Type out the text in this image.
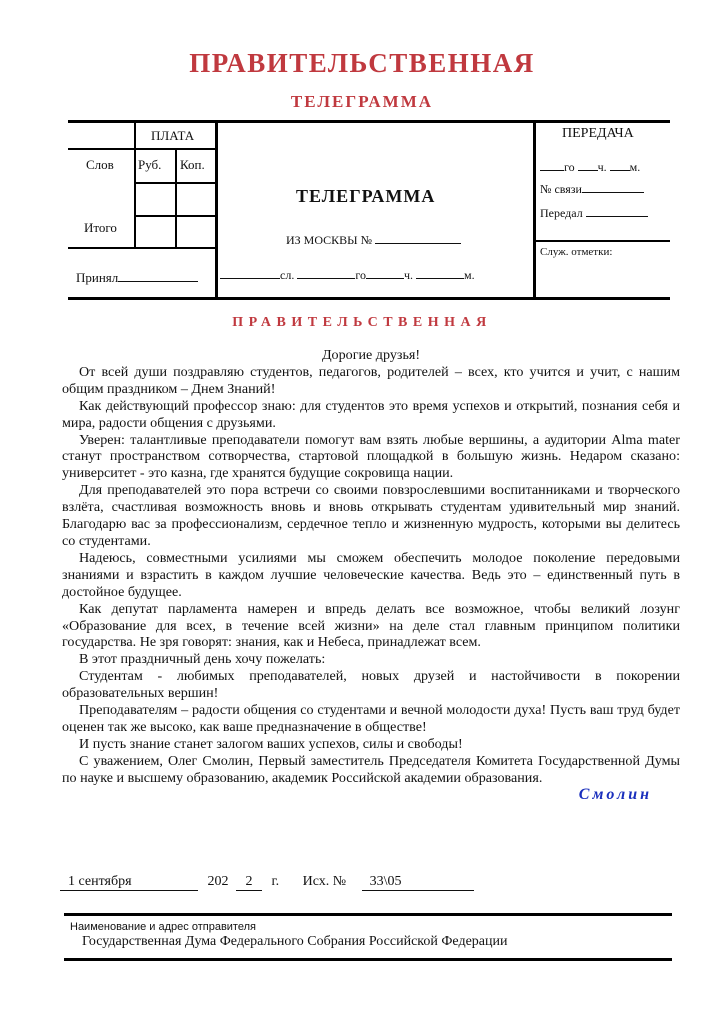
ПРАВИТЕЛЬСТВЕННАЯ
ТЕЛЕГРАММА
ПЛАТА
Слов Руб. Коп.
Итого
Принял
ТЕЛЕГРАММА
ИЗ МОСКВЫ №
сл.	го	ч.	м.
ПЕРЕДАЧА
го ч. м.
№ связи
Передал
Служ. отметки:
ПРАВИТЕЛЬСТВЕННАЯ

Дорогие друзья!

От всей души поздравляю студентов, педагогов, родителей – всех, кто учится и учит, с нашим общим праздником – Днем Знаний!

Как действующий профессор знаю: для студентов это время успехов и открытий, познания себя и мира, радости общения с друзьями.

Уверен: талантливые преподаватели помогут вам взять любые вершины, а аудитории Alma mater станут пространством сотворчества, стартовой площадкой в большую жизнь. Недаром сказано: университет - это казна, где хранятся будущие сокровища нации.

Для преподавателей это пора встречи со своими повзрослевшими воспитанниками и творческого взлёта, счастливая возможность вновь и вновь открывать студентам удивительный мир знаний. Благодарю вас за профессионализм, сердечное тепло и жизненную мудрость, которыми вы делитесь со студентами.

Надеюсь, совместными усилиями мы сможем обеспечить молодое поколение передовыми знаниями и взрастить в каждом лучшие человеческие качества. Ведь это – единственный путь в достойное будущее.

Как депутат парламента намерен и впредь делать все возможное, чтобы великий лозунг «Образование для всех, в течение всей жизни» на деле стал главным принципом политики государства. Не зря говорят: знания, как и Небеса, принадлежат всем.

В этот праздничный день хочу пожелать:

Студентам - любимых преподавателей, новых друзей и настойчивости в покорении образовательных вершин!

Преподавателям – радости общения со студентами и вечной молодости духа! Пусть ваш труд будет оценен так же высоко, как ваше предназначение в обществе!

И пусть знание станет залогом ваших успехов, силы и свободы!

С уважением, Олег Смолин, Первый заместитель Председателя Комитета Государственной Думы по науке и высшему образованию, академик Российской академии образования.

Смолин
1 сентября	202 2 г. Исх. № 33\05
Наименование и адрес отправителя
Государственная Дума Федерального Собрания Российской Федерации
